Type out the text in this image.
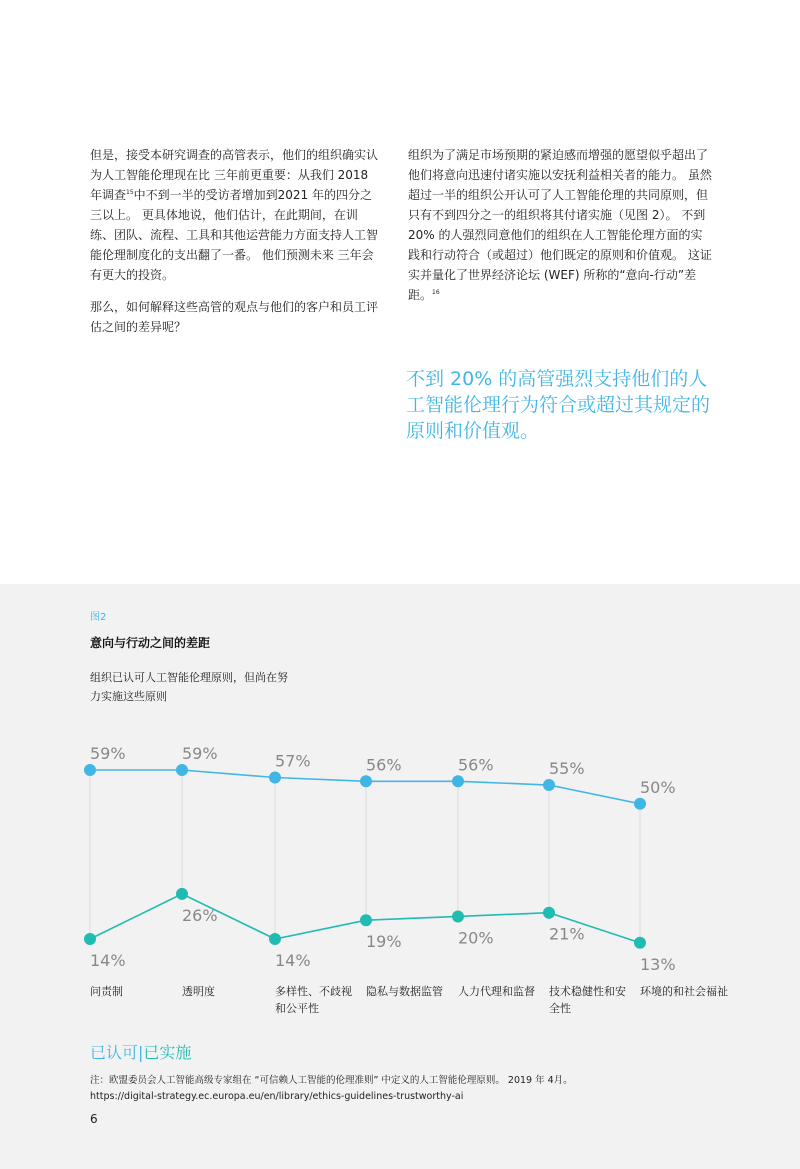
但是，接受本研究调查的高管表示，他们的组织确实认为人工智能伦理现在比 三年前更重要：从我们 2018 年调查$^{15}$中不到一半的受访者增加到2021 年的四分之三以上。 更具体地说，他们估计，在此期间，在训练、团队、流程、工具和其他运营能力方面支持人工智能伦理制度化的支出翻了一番。 他们预测未来 三年会有更大的投资。

那么，如何解释这些高管的观点与他们的客户和员工评估之间的差异呢？

组织为了满足市场预期的紧迫感而增强的愿望似乎超出了他们将意向迅速付诸实施以安抚利益相关者的能力。 虽然超过一半的组织公开认可了人工智能伦理的共同原则，但只有不到四分之一的组织将其付诸实施（见图 2）。 不到 20% 的人强烈同意他们的组织在人工智能伦理方面的实践和行动符合（或超过）他们既定的原则和价值观。 这证实并量化了世界经济论坛 (WEF) 所称的“意向-行动”差距。$^{16}$

不到 20% 的高管强烈支持他们的人工智能伦理行为符合或超过其规定的原则和价值观。
图2
意向与行动之间的差距
组织已认可人工智能伦理原则，但尚在努力实施这些原则
59%	59%	57%	56%	56%	55%
50%
14%
26%
14%
19%	20%	21%
13%
问责制	透明度	多样性、不歧视和公平性
隐私与数据监管	人力代理和监督	技术稳健性和安全性
环境的和社会福祉
已认可|已实施
注：欧盟委员会人工智能高级专家组在 “可信赖人工智能的伦理准则” 中定义的人工智能伦理原则。 2019 年 4月。
https://digital-strategy.ec.europa.eu/en/library/ethics-guidelines-trustworthy-ai
6
